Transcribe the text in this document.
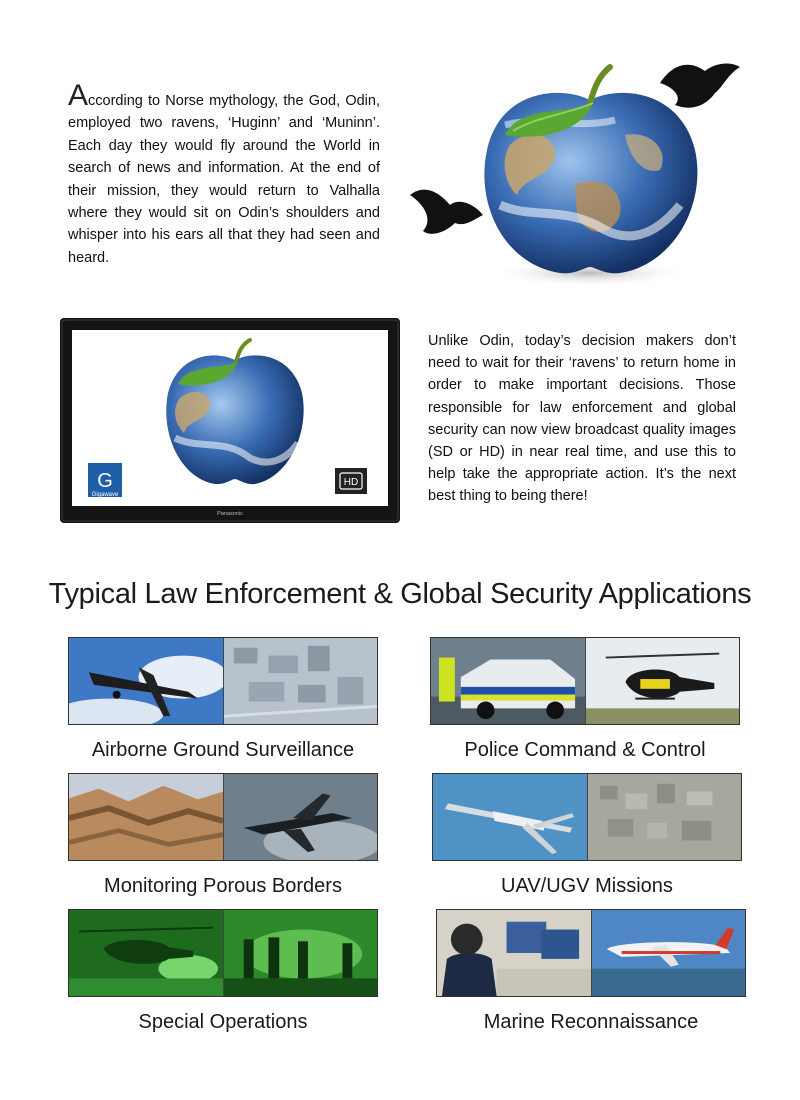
According to Norse mythology, the God, Odin, employed two ravens, ‘Huginn’ and ‘Muninn’. Each day they would fly around the World in search of news and information. At the end of their mission, they would return to Valhalla where they would sit on Odin’s shoulders and whisper into his ears all that they had seen and heard.
G
Gigawave
HD
Panasonic
Unlike Odin, today’s decision makers don’t need to wait for their ‘ravens’ to return home in order to make important decisions. Those responsible for law enforcement and global security can now view broadcast quality images (SD or HD) in near real time, and use this to help take the appropriate action. It’s the next best thing to being there!
Typical Law Enforcement & Global Security Applications
Airborne Ground Surveillance	Police Command & Control
Monitoring Porous Borders	UAV/UGV Missions
Special Operations	Marine Reconnaissance
